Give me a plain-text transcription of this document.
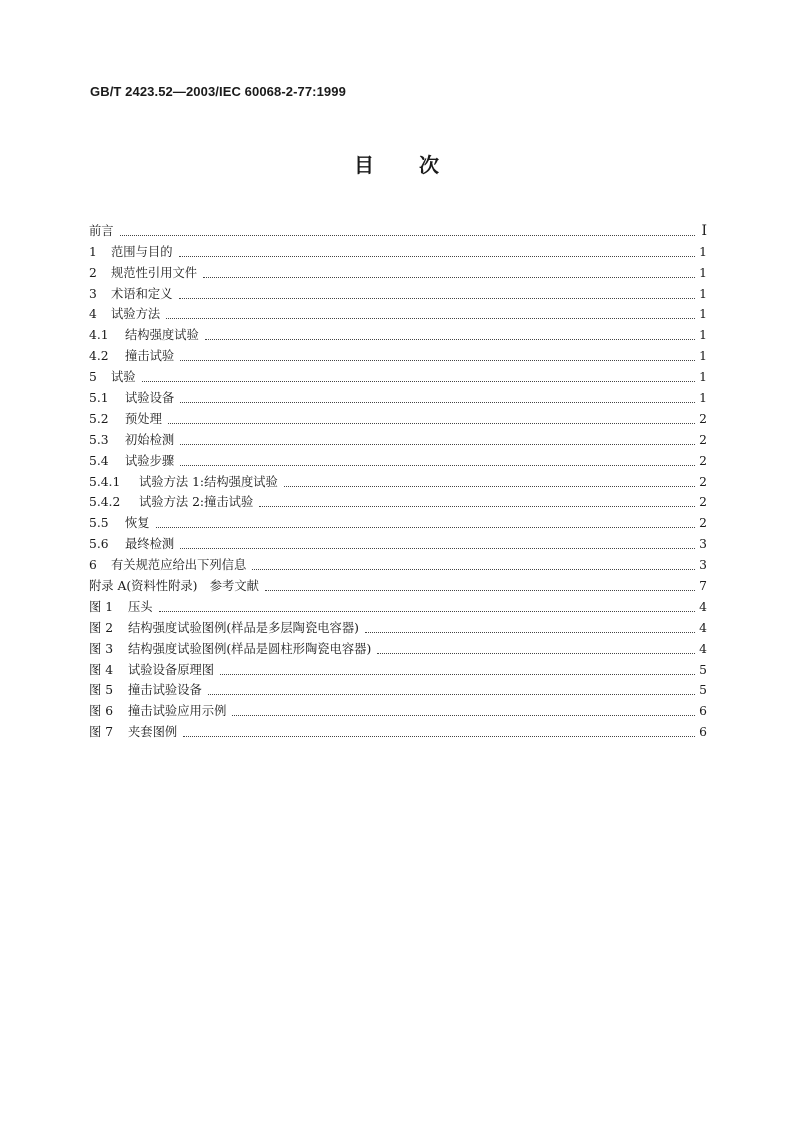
GB/T 2423.52—2003/IEC 60068-2-77:1999
目 次
前言	I
1	范围与目的	1
2	规范性引用文件	1
3	术语和定义	1
4	试验方法	1
4.1	结构强度试验	1
4.2	撞击试验	1
5	试验	1
5.1	试验设备	1
5.2	预处理	2
5.3	初始检测	2
5.4	试验步骤	2
5.4.1	试验方法 1:结构强度试验	2
5.4.2	试验方法 2:撞击试验	2
5.5	恢复	2
5.6	最终检测	3
6	有关规范应给出下列信息	3
附录 A(资料性附录)　参考文献	7
图 1	压头	4
图 2	结构强度试验图例(样品是多层陶瓷电容器)	4
图 3	结构强度试验图例(样品是圆柱形陶瓷电容器)	4
图 4	试验设备原理图	5
图 5	撞击试验设备	5
图 6	撞击试验应用示例	6
图 7	夹套图例	6
